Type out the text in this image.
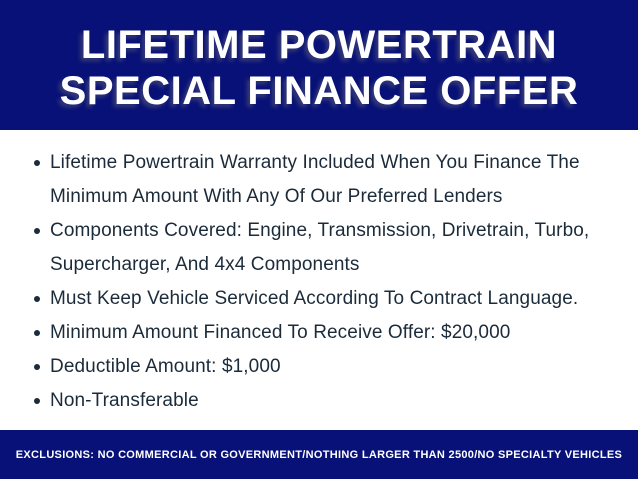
LIFETIME POWERTRAIN
SPECIAL FINANCE OFFER
Lifetime Powertrain Warranty Included When You Finance The
Minimum Amount With Any Of Our Preferred Lenders
Components Covered: Engine, Transmission, Drivetrain, Turbo,
Supercharger, And 4x4 Components
Must Keep Vehicle Serviced According To Contract Language.
Minimum Amount Financed To Receive Offer: $20,000
Deductible Amount: $1,000
Non-Transferable
EXCLUSIONS: NO COMMERCIAL OR GOVERNMENT/NOTHING LARGER THAN 2500/NO SPECIALTY VEHICLES
